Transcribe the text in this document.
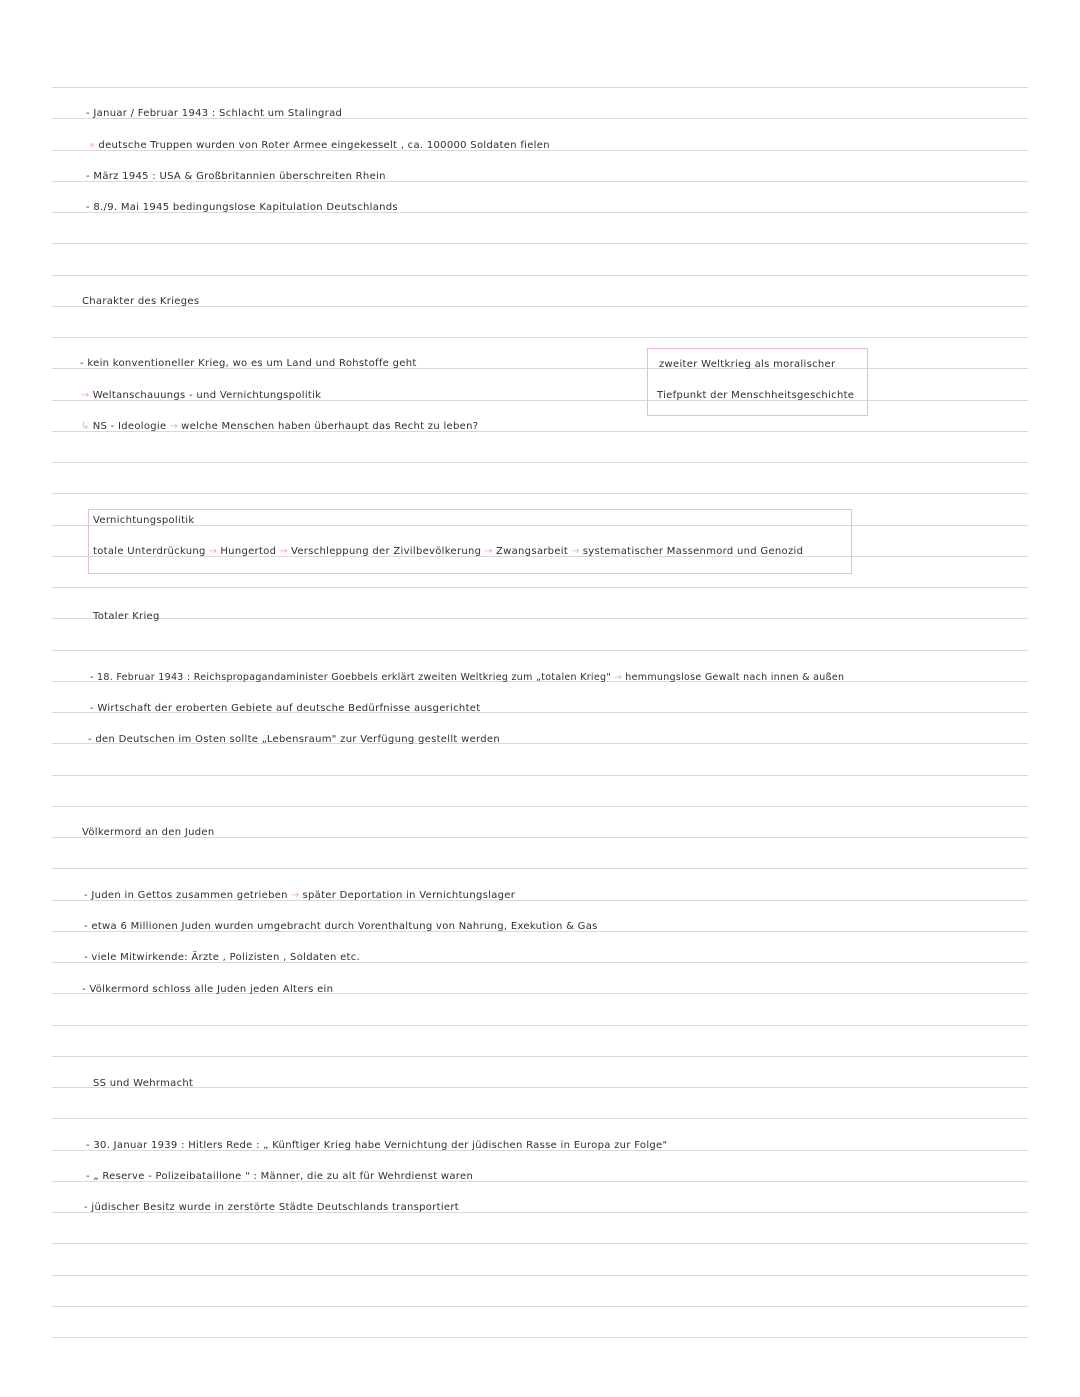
- Januar / Februar 1943 : Schlacht um Stalingrad
» deutsche Truppen wurden von Roter Armee eingekesselt , ca. 100000 Soldaten fielen
- März 1945 : USA & Großbritannien überschreiten Rhein
- 8./9. Mai 1945 bedingungslose Kapitulation Deutschlands
Charakter des Krieges
- kein konventioneller Krieg, wo es um Land und Rohstoffe geht
→ Weltanschauungs - und Vernichtungspolitik
↳ NS - Ideologie → welche Menschen haben überhaupt das Recht zu leben?
zweiter Weltkrieg als moralischer
Tiefpunkt der Menschheitsgeschichte
Vernichtungspolitik
totale Unterdrückung → Hungertod → Verschleppung der Zivilbevölkerung → Zwangsarbeit → systematischer Massenmord und Genozid
Totaler Krieg
- 18. Februar 1943 : Reichspropagandaminister Goebbels erklärt zweiten Weltkrieg zum „totalen Krieg" → hemmungslose Gewalt nach innen & außen
- Wirtschaft der eroberten Gebiete auf deutsche Bedürfnisse ausgerichtet
- den Deutschen im Osten sollte „Lebensraum" zur Verfügung gestellt werden
Völkermord an den Juden
- Juden in Gettos zusammen getrieben → später Deportation in Vernichtungslager
- etwa 6 Millionen Juden wurden umgebracht durch Vorenthaltung von Nahrung, Exekution & Gas
- viele Mitwirkende: Ärzte , Polizisten , Soldaten etc.
- Völkermord schloss alle Juden jeden Alters ein
SS und Wehrmacht
- 30. Januar 1939 : Hitlers Rede : „ Künftiger Krieg habe Vernichtung der jüdischen Rasse in Europa zur Folge"
- „ Reserve - Polizeibataillone " : Männer, die zu alt für Wehrdienst waren
- jüdischer Besitz wurde in zerstörte Städte Deutschlands transportiert
